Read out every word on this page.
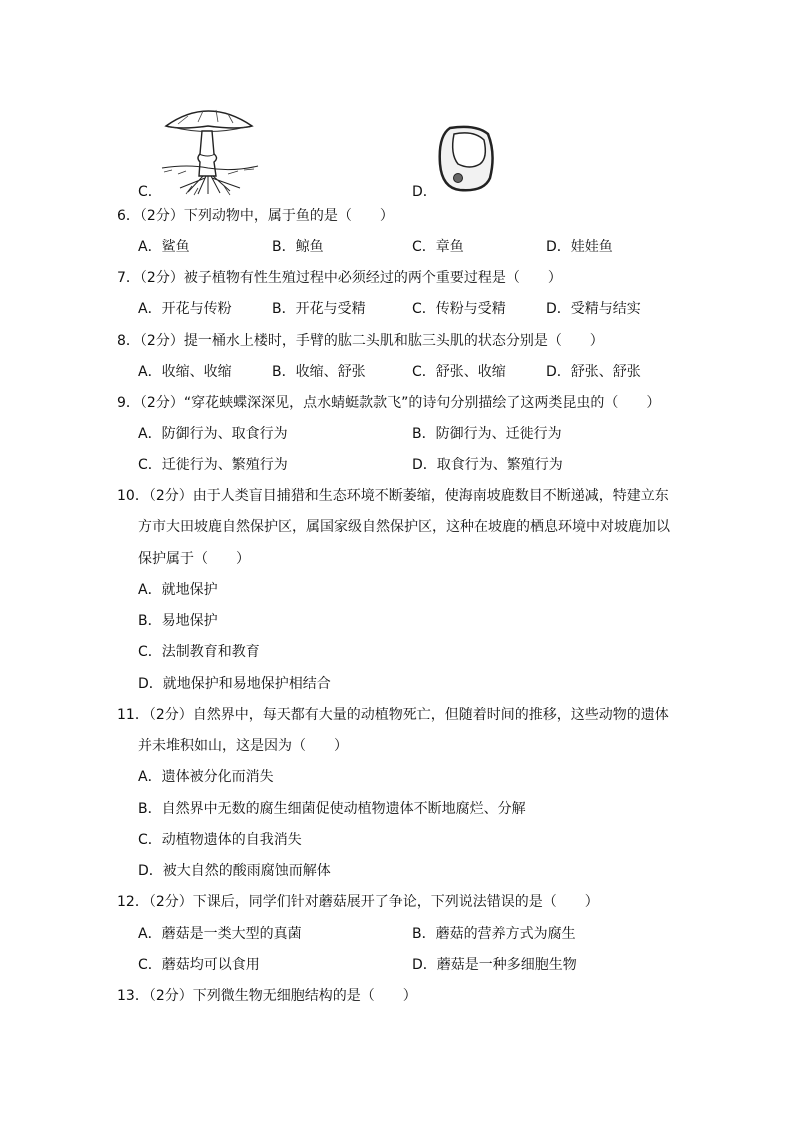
C．	D．
6．（2分）下列动物中，属于鱼的是（　　）
A．鲨鱼	B．鲸鱼	C．章鱼	D．娃娃鱼
7．（2分）被子植物有性生殖过程中必须经过的两个重要过程是（　　）
A．开花与传粉	B．开花与受精	C．传粉与受精	D．受精与结实
8．（2分）提一桶水上楼时，手臂的肱二头肌和肱三头肌的状态分别是（　　）
A．收缩、收缩	B．收缩、舒张	C．舒张、收缩	D．舒张、舒张
9．（2分）“穿花蛱蝶深深见，点水蜻蜓款款飞”的诗句分别描绘了这两类昆虫的（　　）
A．防御行为、取食行为	B．防御行为、迁徙行为
C．迁徙行为、繁殖行为	D．取食行为、繁殖行为
10．（2分）由于人类盲目捕猎和生态环境不断萎缩，使海南坡鹿数目不断递减，特建立东
方市大田坡鹿自然保护区，属国家级自然保护区，这种在坡鹿的栖息环境中对坡鹿加以
保护属于（　　）
A．就地保护
B．易地保护
C．法制教育和教育
D．就地保护和易地保护相结合
11．（2分）自然界中，每天都有大量的动植物死亡，但随着时间的推移，这些动物的遗体
并未堆积如山，这是因为（　　）
A．遗体被分化而消失
B．自然界中无数的腐生细菌促使动植物遗体不断地腐烂、分解
C．动植物遗体的自我消失
D．被大自然的酸雨腐蚀而解体
12．（2分）下课后，同学们针对蘑菇展开了争论，下列说法错误的是（　　）
A．蘑菇是一类大型的真菌	B．蘑菇的营养方式为腐生
C．蘑菇均可以食用	D．蘑菇是一种多细胞生物
13．（2分）下列微生物无细胞结构的是（　　）
